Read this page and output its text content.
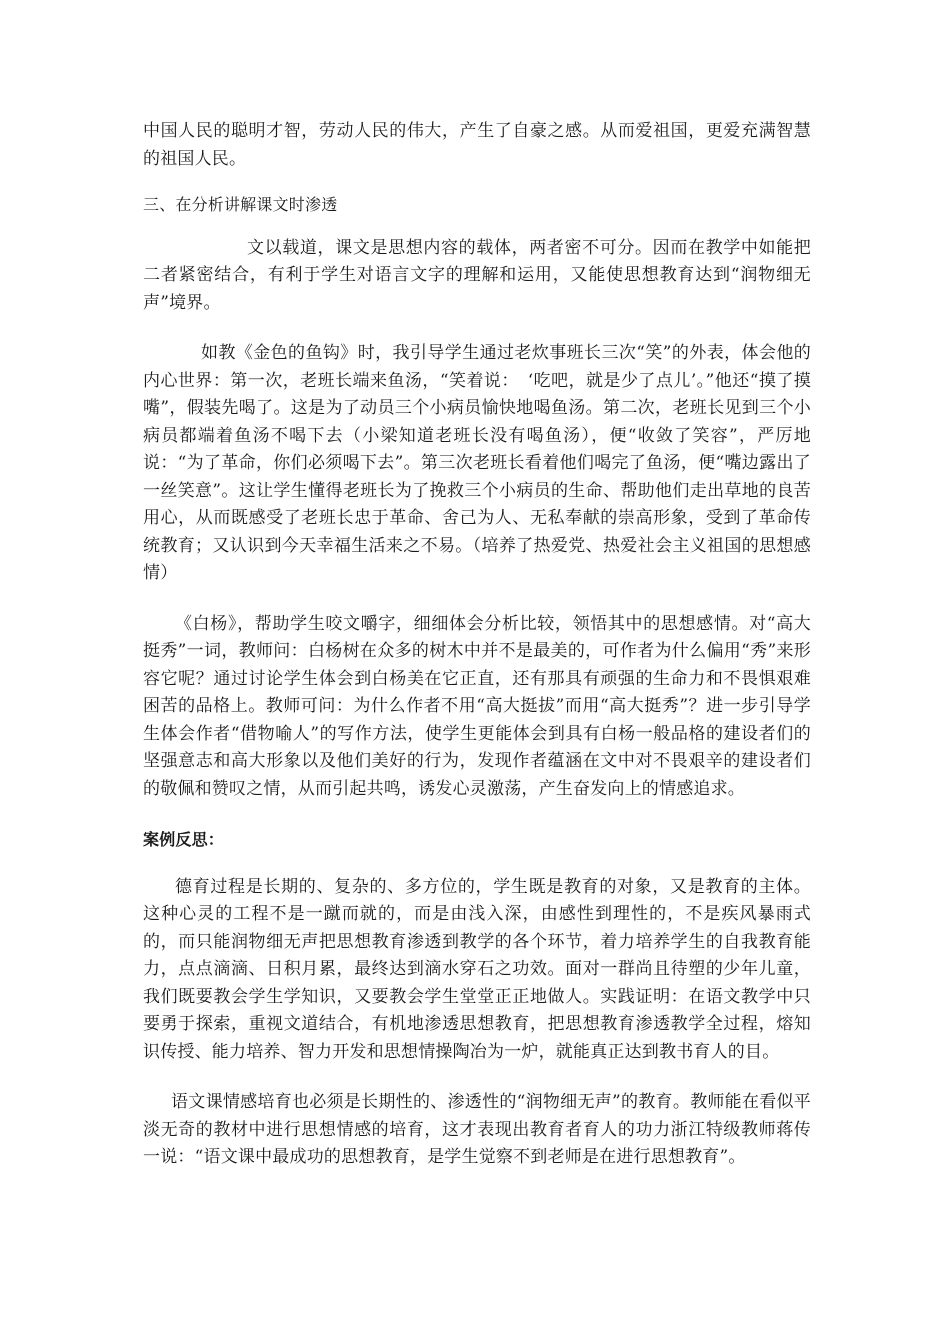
中国人民的聪明才智，劳动人民的伟大，产生了自豪之感。从而爱祖国，更爱充满智慧的祖国人民。

三、在分析讲解课文时渗透

文以载道，课文是思想内容的载体，两者密不可分。因而在教学中如能把二者紧密结合，有利于学生对语言文字的理解和运用，又能使思想教育达到“润物细无声”境界。

如教《金色的鱼钩》时，我引导学生通过老炊事班长三次“笑”的外表，体会他的内心世界：第一次，老班长端来鱼汤，“笑着说：　‘吃吧，就是少了点儿’。”他还“摸了摸嘴”，假装先喝了。这是为了动员三个小病员愉快地喝鱼汤。第二次，老班长见到三个小病员都端着鱼汤不喝下去（小梁知道老班长没有喝鱼汤），便“收敛了笑容”，严厉地说：“为了革命，你们必须喝下去”。第三次老班长看着他们喝完了鱼汤，便“嘴边露出了一丝笑意”。这让学生懂得老班长为了挽救三个小病员的生命、帮助他们走出草地的良苦用心，从而既感受了老班长忠于革命、舍己为人、无私奉献的崇高形象，受到了革命传统教育；又认识到今天幸福生活来之不易。（培养了热爱党、热爱社会主义祖国的思想感情）

《白杨》，帮助学生咬文嚼字，细细体会分析比较，领悟其中的思想感情。对“高大挺秀”一词，教师问：白杨树在众多的树木中并不是最美的，可作者为什么偏用“秀”来形容它呢？通过讨论学生体会到白杨美在它正直，还有那具有顽强的生命力和不畏惧艰难困苦的品格上。教师可问：为什么作者不用“高大挺拔”而用“高大挺秀”？进一步引导学生体会作者“借物喻人”的写作方法，使学生更能体会到具有白杨一般品格的建设者们的坚强意志和高大形象以及他们美好的行为，发现作者蕴涵在文中对不畏艰辛的建设者们的敬佩和赞叹之情，从而引起共鸣，诱发心灵激荡，产生奋发向上的情感追求。

案例反思：

德育过程是长期的、复杂的、多方位的，学生既是教育的对象，又是教育的主体。这种心灵的工程不是一蹴而就的，而是由浅入深，由感性到理性的，不是疾风暴雨式的，而只能润物细无声把思想教育渗透到教学的各个环节，着力培养学生的自我教育能力，点点滴滴、日积月累，最终达到滴水穿石之功效。面对一群尚且待塑的少年儿童，我们既要教会学生学知识，又要教会学生堂堂正正地做人。实践证明：在语文教学中只要勇于探索，重视文道结合，有机地渗透思想教育，把思想教育渗透教学全过程，熔知识传授、能力培养、智力开发和思想情操陶冶为一炉，就能真正达到教书育人的目。

语文课情感培育也必须是长期性的、渗透性的“润物细无声”的教育。教师能在看似平淡无奇的教材中进行思想情感的培育，这才表现出教育者育人的功力浙江特级教师蒋传一说：“语文课中最成功的思想教育，是学生觉察不到老师是在进行思想教育”。
